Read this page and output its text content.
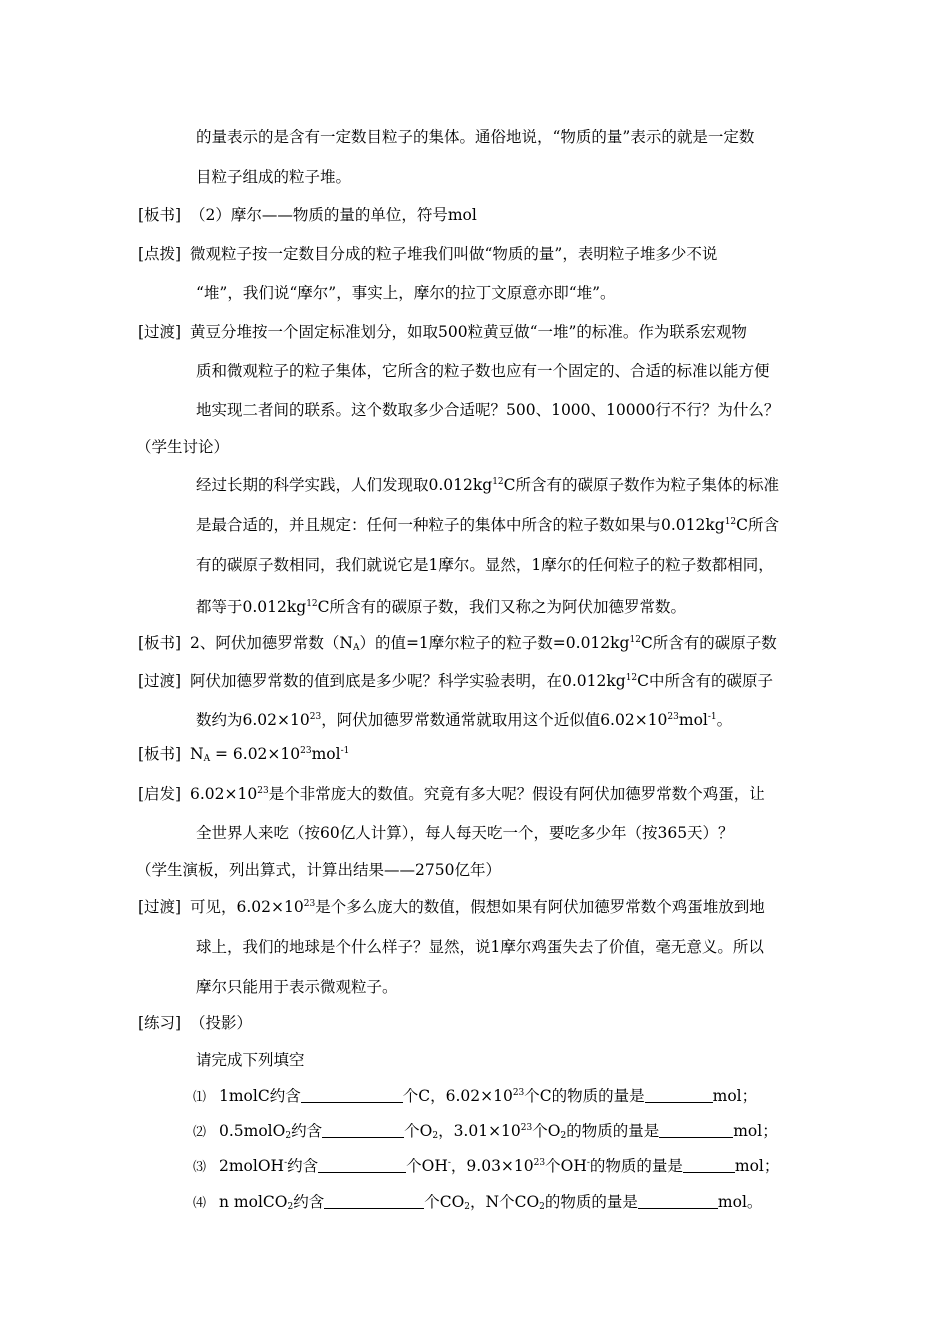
的量表示的是含有一定数目粒子的集体。通俗地说，“物质的量”表示的就是一定数
目粒子组成的粒子堆。
[板书] （2）摩尔——物质的量的单位，符号mol
[点拨] 微观粒子按一定数目分成的粒子堆我们叫做“物质的量”，表明粒子堆多少不说
“堆”，我们说“摩尔”，事实上，摩尔的拉丁文原意亦即“堆”。
[过渡] 黄豆分堆按一个固定标准划分，如取500粒黄豆做“一堆”的标准。作为联系宏观物
质和微观粒子的粒子集体，它所含的粒子数也应有一个固定的、合适的标准以能方便
地实现二者间的联系。这个数取多少合适呢？500、1000、10000行不行？为什么？
（学生讨论）
经过长期的科学实践，人们发现取$0.012kg^{12}C$所含有的碳原子数作为粒子集体的标准
是最合适的，并且规定：任何一种粒子的集体中所含的粒子数如果与$0.012kg^{12}C$所含
有的碳原子数相同，我们就说它是1摩尔。显然，1摩尔的任何粒子的粒子数都相同，
都等于$0.012kg^{12}C$所含有的碳原子数，我们又称之为阿伏加德罗常数。
[板书] 2、阿伏加德罗常数$(N_A)$的值=1摩尔粒子的粒子数$=0.012kg^{12}C$所含有的碳原子数
[过渡] 阿伏加德罗常数的值到底是多少呢？科学实验表明，在$0.012kg^{12}C$中所含有的碳原子
数约为$6.02\times 10^{23}$，阿伏加德罗常数通常就取用这个近似值$6.02\times 10^{23}mol^{-1}$。
[板书] $N_A = 6.02\times 10^{23}mol^{-1}$
[启发] $6.02\times 10^{23}$是个非常庞大的数值。究竟有多大呢？假设有阿伏加德罗常数个鸡蛋，让
全世界人来吃（按60亿人计算），每人每天吃一个，要吃多少年（按365天）？
（学生演板，列出算式，计算出结果——2750亿年）
[过渡] 可见，$6.02\times 10^{23}$是个多么庞大的数值，假想如果有阿伏加德罗常数个鸡蛋堆放到地
球上，我们的地球是个什么样子？显然，说1摩尔鸡蛋失去了价值，毫无意义。所以
摩尔只能用于表示微观粒子。
[练习] （投影）
请完成下列填空
⑴ 1molC约含	个C，$6.02\times 10^{23}$个C的物质的量是	mol；
⑵ 0.5molO$_2$约含	个$O_2$，$3.01\times 10^{23}$个$O_2$的物质的量是	mol；
⑶ 2molOH-约含	个OH-，$9.03\times 10^{23}$个OH-的物质的量是	mol；
⑷ n molCO$_2$约含	个$CO_2$，N个$CO_2$的物质的量是	mol。
